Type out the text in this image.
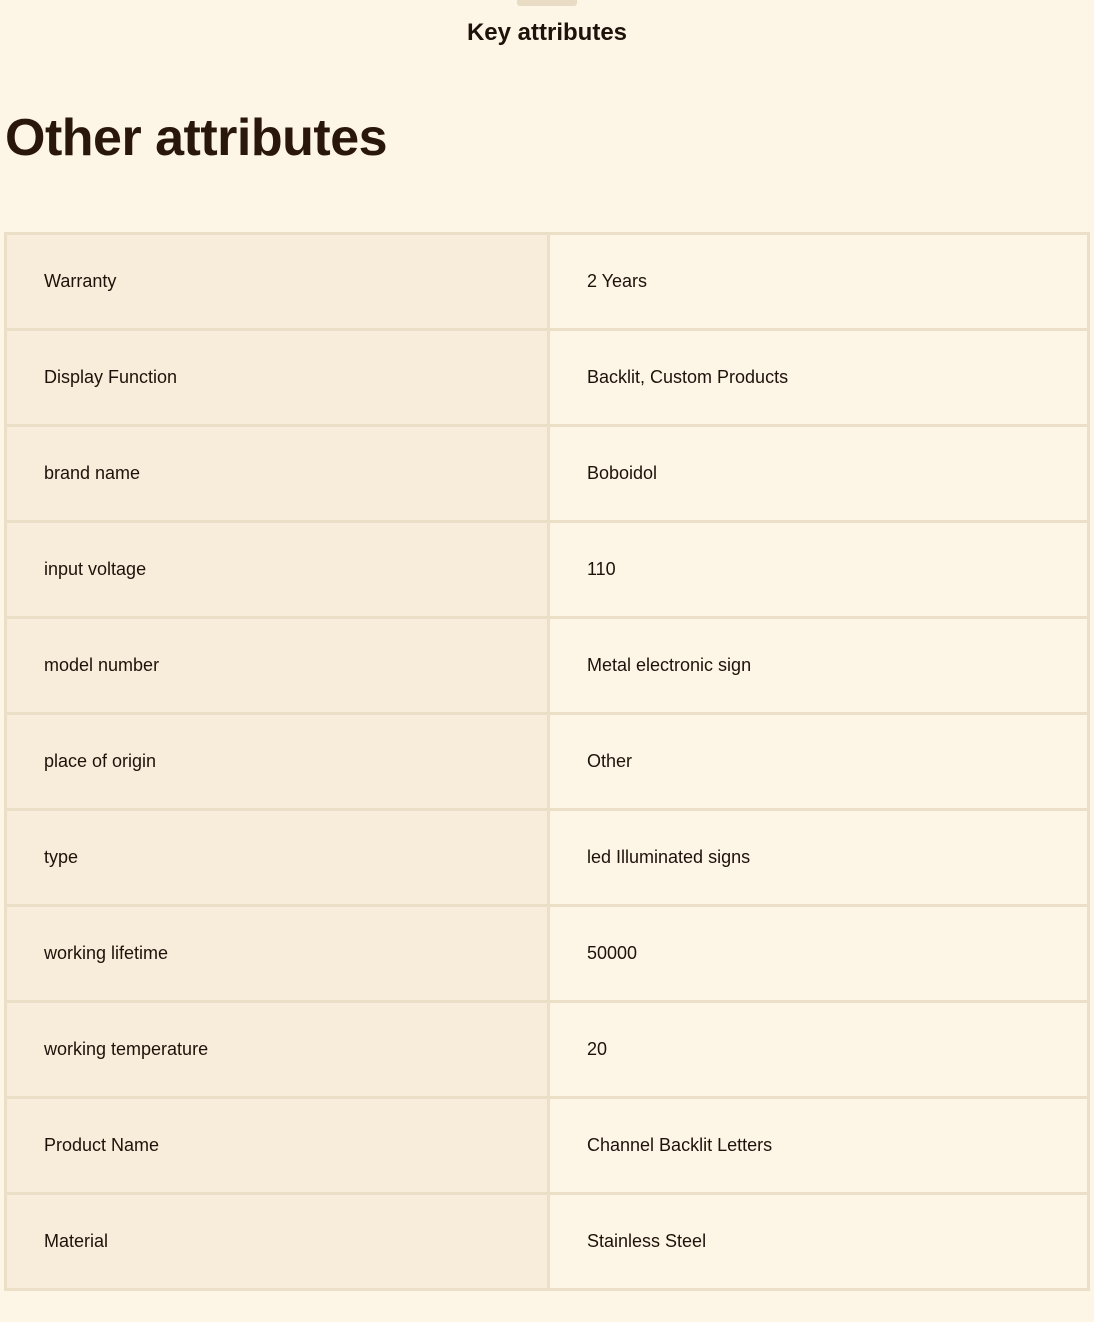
Key attributes
Other attributes
Warranty	2 Years
Display Function	Backlit, Custom Products
brand name	Boboidol
input voltage	110
model number	Metal electronic sign
place of origin	Other
type	led Illuminated signs
working lifetime	50000
working temperature	20
Product Name	Channel Backlit Letters
Material	Stainless Steel
